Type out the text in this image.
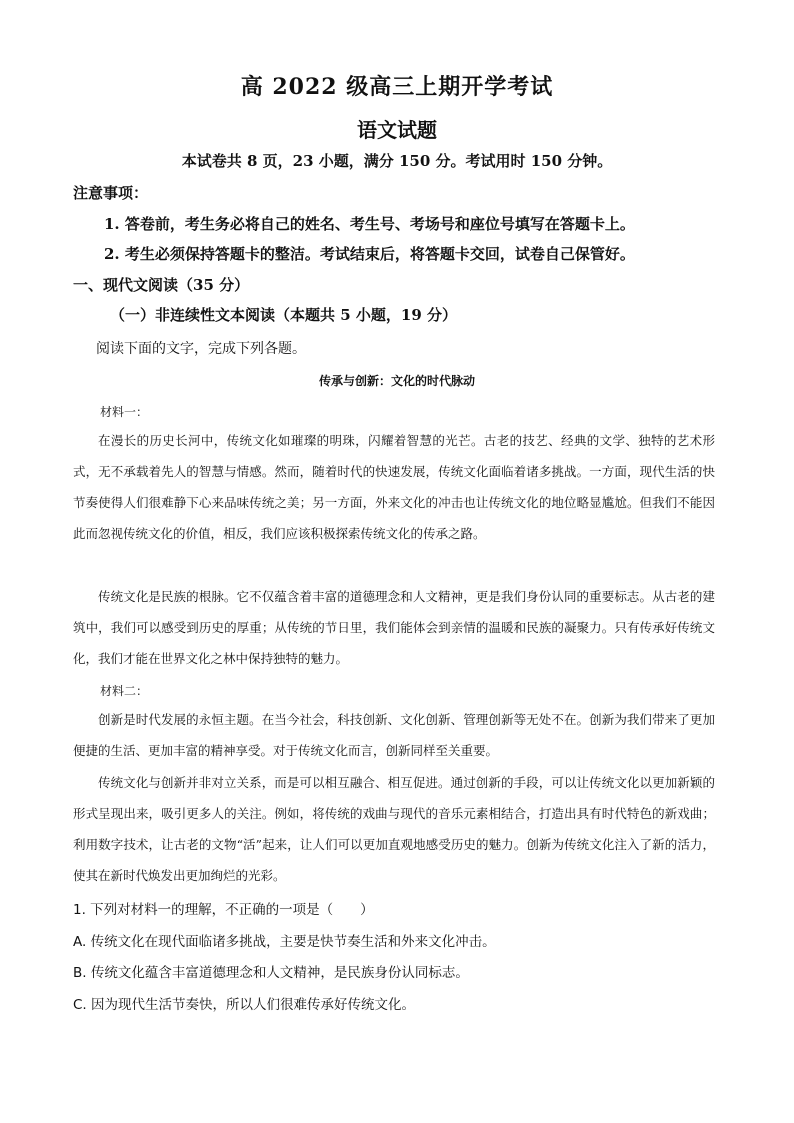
高 2022 级高三上期开学考试
语文试题
本试卷共 8 页，23 小题，满分 150 分。考试用时 150 分钟。
注意事项：
1. 答卷前，考生务必将自己的姓名、考生号、考场号和座位号填写在答题卡上。
2. 考生必须保持答题卡的整洁。考试结束后，将答题卡交回，试卷自己保管好。
一、现代文阅读（35 分）
（一）非连续性文本阅读（本题共 5 小题，19 分）
阅读下面的文字，完成下列各题。
传承与创新：文化的时代脉动
材料一：

在漫长的历史长河中，传统文化如璀璨的明珠，闪耀着智慧的光芒。古老的技艺、经典的文学、独特的艺术形式，无不承载着先人的智慧与情感。然而，随着时代的快速发展，传统文化面临着诸多挑战。一方面，现代生活的快节奏使得人们很难静下心来品味传统之美；另一方面，外来文化的冲击也让传统文化的地位略显尴尬。但我们不能因此而忽视传统文化的价值，相反，我们应该积极探索传统文化的传承之路。

传统文化是民族的根脉。它不仅蕴含着丰富的道德理念和人文精神，更是我们身份认同的重要标志。从古老的建筑中，我们可以感受到历史的厚重；从传统的节日里，我们能体会到亲情的温暖和民族的凝聚力。只有传承好传统文化，我们才能在世界文化之林中保持独特的魅力。

材料二：

创新是时代发展的永恒主题。在当今社会，科技创新、文化创新、管理创新等无处不在。创新为我们带来了更加便捷的生活、更加丰富的精神享受。对于传统文化而言，创新同样至关重要。

传统文化与创新并非对立关系，而是可以相互融合、相互促进。通过创新的手段，可以让传统文化以更加新颖的形式呈现出来，吸引更多人的关注。例如，将传统的戏曲与现代的音乐元素相结合，打造出具有时代特色的新戏曲；利用数字技术，让古老的文物“活”起来，让人们可以更加直观地感受历史的魅力。创新为传统文化注入了新的活力，使其在新时代焕发出更加绚烂的光彩。

1. 下列对材料一的理解，不正确的一项是（　　）
A. 传统文化在现代面临诸多挑战，主要是快节奏生活和外来文化冲击。
B. 传统文化蕴含丰富道德理念和人文精神，是民族身份认同标志。
C. 因为现代生活节奏快，所以人们很难传承好传统文化。
